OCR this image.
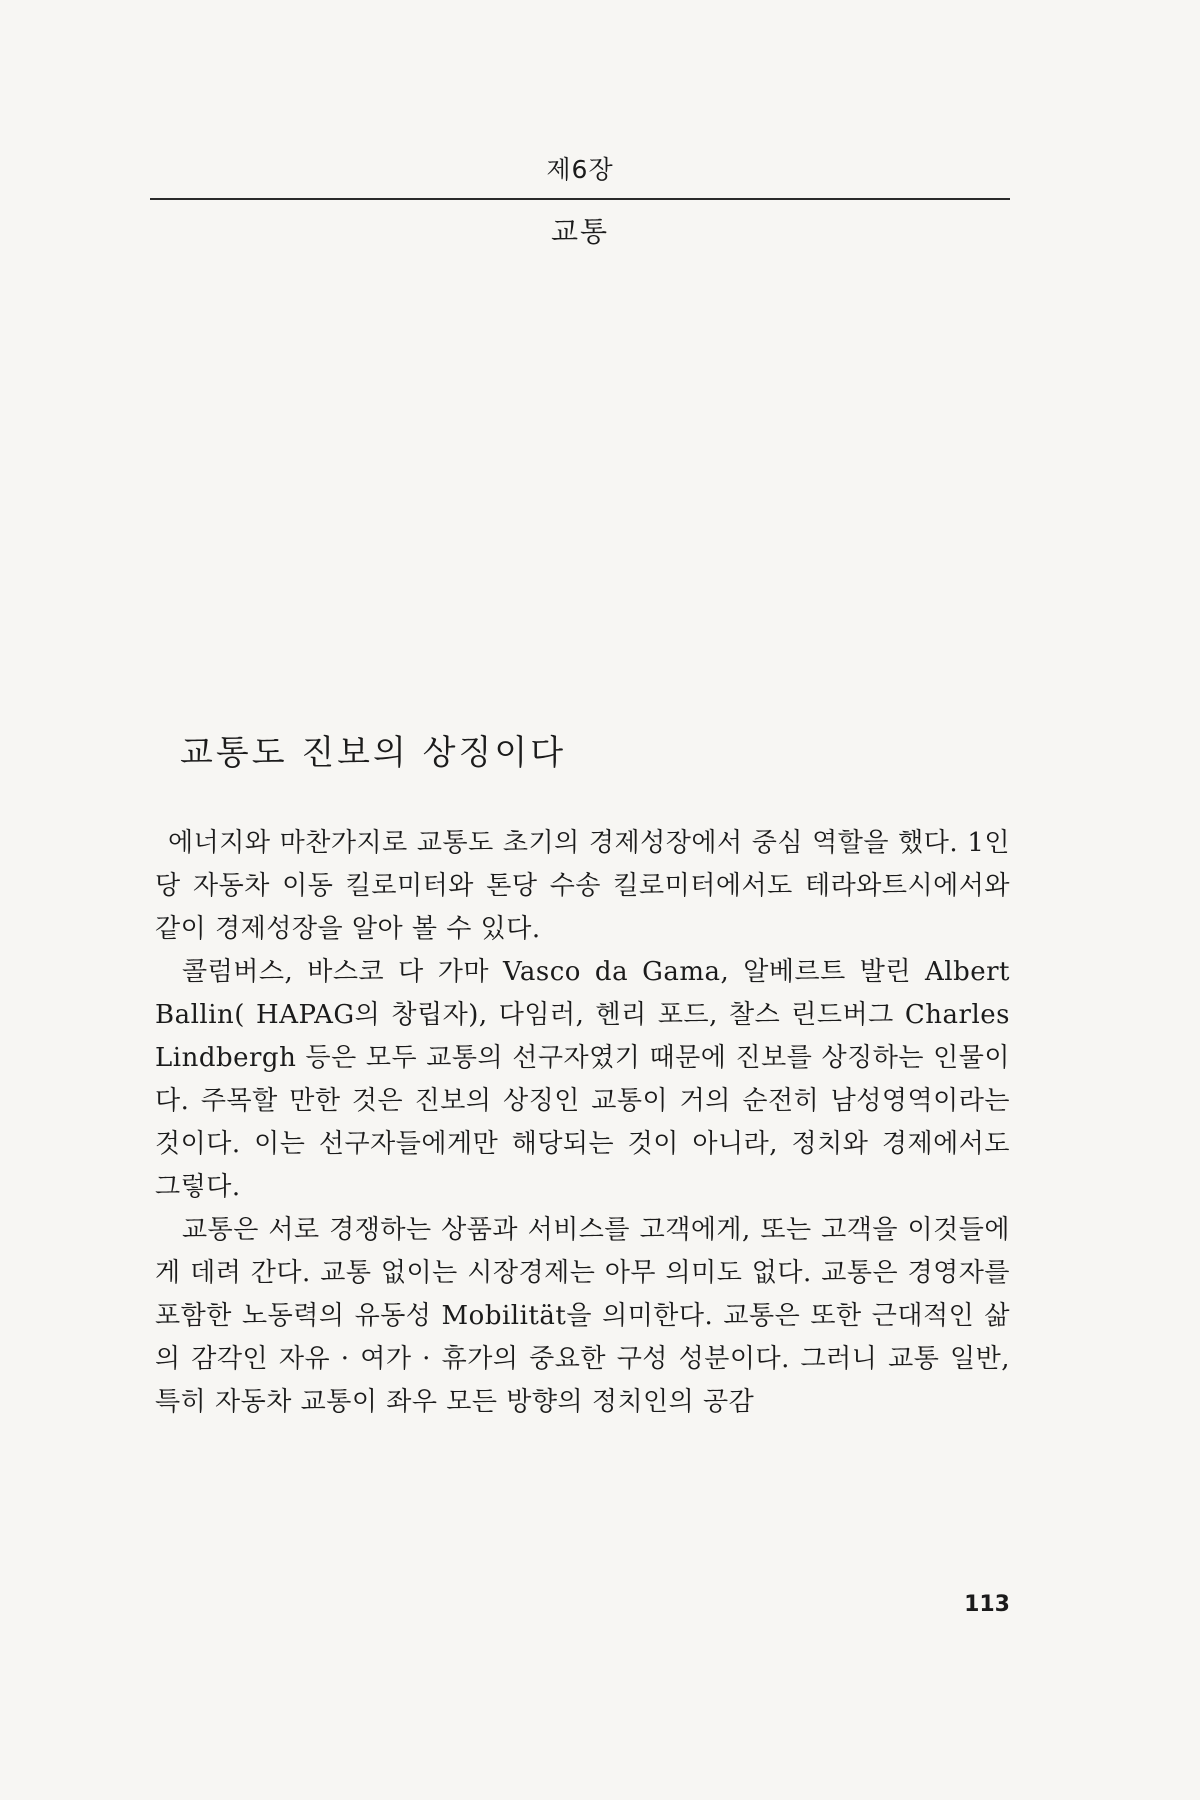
제6장
교통
교통도 진보의 상징이다

에너지와 마찬가지로 교통도 초기의 경제성장에서 중심 역할을 했다. 1인당 자동차 이동 킬로미터와 톤당 수송 킬로미터에서도 테라와트시에서와 같이 경제성장을 알아 볼 수 있다.

콜럼버스, 바스코 다 가마 Vasco da Gama, 알베르트 발린 Albert Ballin( HAPAG의 창립자), 다임러, 헨리 포드, 찰스 린드버그 Charles Lindbergh 등은 모두 교통의 선구자였기 때문에 진보를 상징하는 인물이다. 주목할 만한 것은 진보의 상징인 교통이 거의 순전히 남성영역이라는 것이다. 이는 선구자들에게만 해당되는 것이 아니라, 정치와 경제에서도 그렇다.

교통은 서로 경쟁하는 상품과 서비스를 고객에게, 또는 고객을 이것들에게 데려 간다. 교통 없이는 시장경제는 아무 의미도 없다. 교통은 경영자를 포함한 노동력의 유동성 Mobilität을 의미한다. 교통은 또한 근대적인 삶의 감각인 자유 · 여가 · 휴가의 중요한 구성 성분이다. 그러니 교통 일반, 특히 자동차 교통이 좌우 모든 방향의 정치인의 공감

113
